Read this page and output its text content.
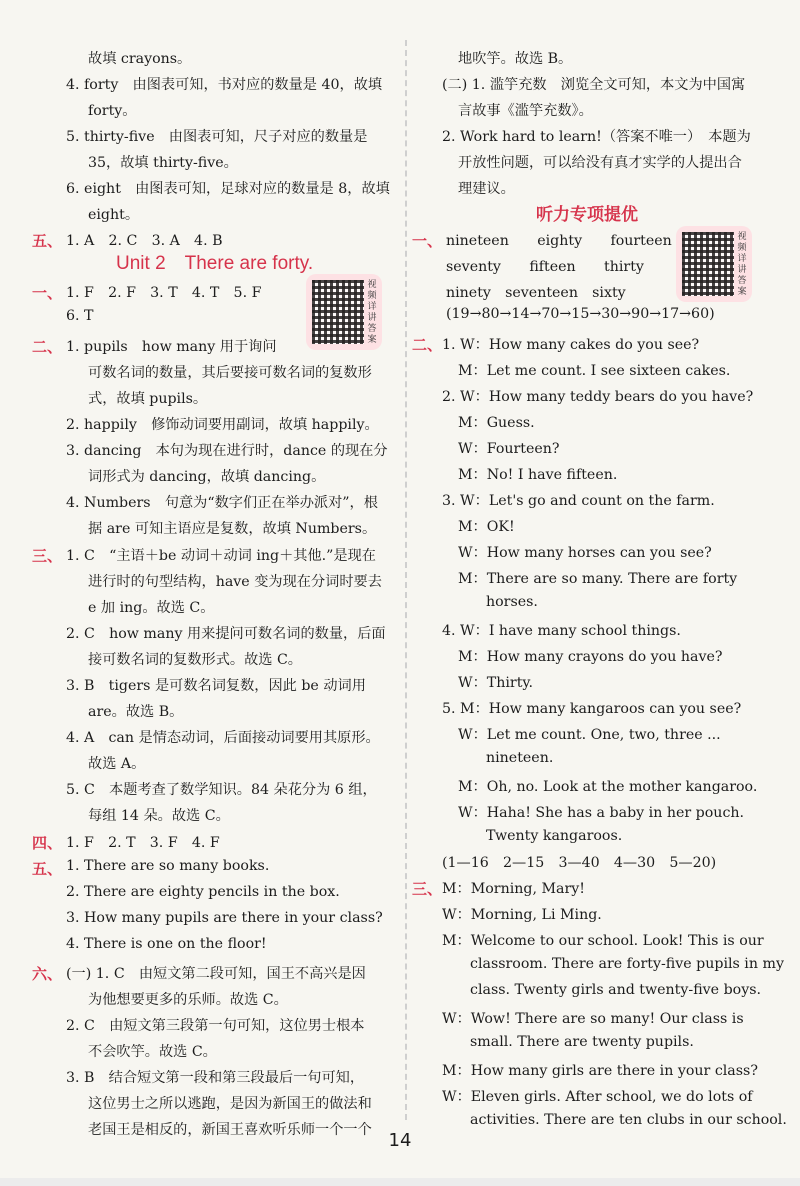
故填 crayons。
4. forty　由图表可知，书对应的数量是 40，故填
forty。
5. thirty-five　由图表可知，尺子对应的数量是
35，故填 thirty-five。
6. eight　由图表可知，足球对应的数量是 8，故填
eight。
1. F　2. F　3. T　4. T　5. F
6. T
1. pupils　how many 用于询问
可数名词的数量，其后要接可数名词的复数形
式，故填 pupils。
2. happily　修饰动词要用副词，故填 happily。
3. dancing　本句为现在进行时，dance 的现在分
词形式为 dancing，故填 dancing。
4. Numbers　句意为“数字们正在举办派对”，根
据 are 可知主语应是复数，故填 Numbers。
1. C　“主语＋be 动词＋动词 ing＋其他.”是现在
进行时的句型结构，have 变为现在分词时要去
e 加 ing。故选 C。
2. C　how many 用来提问可数名词的数量，后面
接可数名词的复数形式。故选 C。
3. B　tigers 是可数名词复数，因此 be 动词用
are。故选 B。
4. A　can 是情态动词，后面接动词要用其原形。
故选 A。
5. C　本题考查了数学知识。84 朵花分为 6 组，
每组 14 朵。故选 C。
1. F　2. T　3. F　4. F
1. There are so many books.
2. There are eighty pencils in the box.
3. How many pupils are there in your class?
4. There is one on the floor!
(一) 1. C　由短文第二段可知，国王不高兴是因
为他想要更多的乐师。故选 C。
2. C　由短文第三段第一句可知，这位男士根本
不会吹竽。故选 C。
3. B　结合短文第一段和第三段最后一句可知，
这位男士之所以逃跑，是因为新国王的做法和
老国王是相反的，新国王喜欢听乐师一个一个
五、 1. A　2. C　3. A　4. B
一、
二、
三、
四、
五、
六、
Unit 2　There are forty.
视频详讲答案
地吹竽。故选 B。
(二) 1. 滥竽充数　浏览全文可知，本文为中国寓
言故事《滥竽充数》。
2. Work hard to learn!（答案不唯一）　本题为
开放性问题，可以给没有真才实学的人提出合
理建议。
nineteen　　eighty　　fourteen
seventy　　fifteen　　thirty
ninety　seventeen　sixty
(19→80→14→70→15→30→90→17→60)
1. W：How many cakes do you see?
M：Let me count. I see sixteen cakes.
2. W：How many teddy bears do you have?
M：Guess.
W：Fourteen?
M：No! I have fifteen.
3. W：Let's go and count on the farm.
M：OK!
W：How many horses can you see?
M：There are so many. There are forty
horses.
4. W：I have many school things.
M：How many crayons do you have?
W：Thirty.
5. M：How many kangaroos can you see?
W：Let me count. One, two, three ...
nineteen.
M：Oh, no. Look at the mother kangaroo.
W：Haha! She has a baby in her pouch.
Twenty kangaroos.
(1—16　2—15　3—40　4—30　5—20)
M：Morning, Mary!
W：Morning, Li Ming.
M：Welcome to our school. Look! This is our
classroom. There are forty-five pupils in my
class. Twenty girls and twenty-five boys.
W：Wow! There are so many! Our class is
small. There are twenty pupils.
M：How many girls are there in your class?
W：Eleven girls. After school, we do lots of
activities. There are ten clubs in our school.
一、
二、
三、
听力专项提优
视频详讲答案
14
